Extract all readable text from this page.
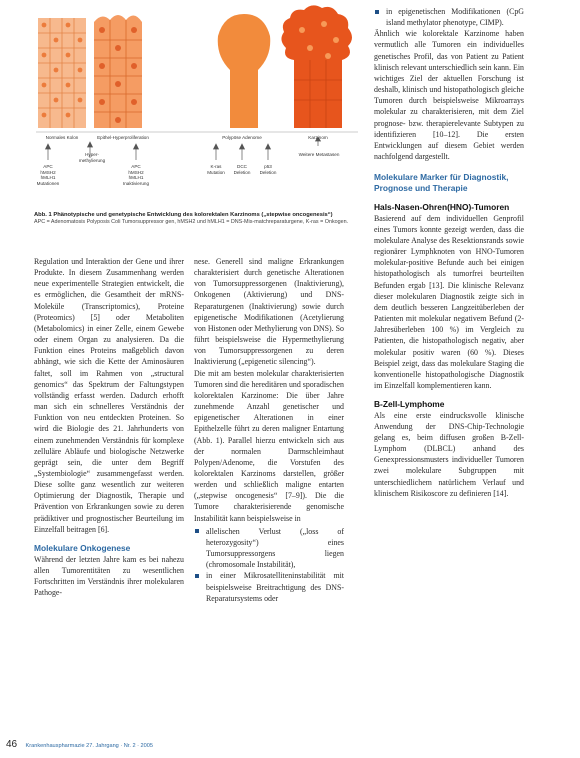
Normales Kolon	Epithel-Hyperproliferation	Polypöse Adenome	Karzinom
Weitere Metastasen
APC
hMSH2
hMLH1
Mutationen
Hyper-
methylierung
APC
hMSH2
hMLH1
Inaktivierung
K-ras
Mutation
DCC
Deletion
p53
Deletion

Abb. 1 Phänotypische und genetypische Entwicklung des kolorektalen Karzinoms („stepwise oncogenesis“)

APC = Adenomatosis Polyposis Coli Tumorsuppressor gen, hMSH2 und hMLH1 = DNS-Mis-matchreparaturgene, K-ras = Onkogen.

Regulation und Interaktion der Gene und ihrer Produkte. In diesem Zusammenhang werden neue experimentelle Strategien entwickelt, die es ermöglichen, die Gesamtheit der mRNS-Moleküle (Transcriptomics), Proteine (Proteomics) [5] oder Metaboliten (Metabolomics) in einer Zelle, einem Gewebe oder einem Organ zu analysieren. Da die Funktion eines Proteins maßgeblich davon abhängt, wie sich die Kette der Aminosäuren faltet, soll im Rahmen von „structural genomics“ das Spektrum der Faltungstypen vollständig erfasst werden. Dadurch erhofft man sich ein schnelleres Verständnis der Funktion von neu entdeckten Proteinen. So wird die Biologie des 21. Jahrhunderts von einem zunehmenden Verständnis für komplexe zelluläre Abläufe und biologische Netzwerke geprägt sein, die unter dem Begriff „Systembiologie“ zusammengefasst werden. Diese sollte ganz wesentlich zur weiteren Optimierung der Diagnostik, Therapie und Prävention von Erkrankungen sowie zu deren prädiktiver und prognostischer Beurteilung im Einzelfall beitragen [6].

Molekulare Onkogenese

Während der letzten Jahre kam es bei nahezu allen Tumorentitäten zu wesentlichen Fortschritten im Verständnis ihrer molekularen Pathoge-

nese. Generell sind maligne Erkrankungen charakterisiert durch genetische Alterationen von Tumorsuppressorgenen (Inaktivierung), Onkogenen (Aktivierung) und DNS-Reparaturgenen (Inaktivierung) sowie durch epigenetische Modifikationen (Acetylierung von Histonen oder Methylierung von DNS). So führt beispielsweise die Hypermethylierung von Tumorsuppressorgenen zu deren Inaktivierung („epigenetic silencing“).

Die mit am besten molekular charakterisierten Tumoren sind die hereditären und sporadischen kolorektalen Karzinome: Die über Jahre zunehmende Anzahl genetischer und epigenetischer Alterationen in einer Epithelzelle führt zu deren maligner Entartung (Abb. 1). Parallel hierzu entwickeln sich aus der normalen Darmschleimhaut Polypen/Adenome, die Vorstufen des kolorektalen Karzinoms darstellen, größer werden und schließlich maligne entarten („stepwise oncogenesis“ [7–9]). Die die Tumore charakterisierende genomische Instabilität kann beispielsweise in

allelischen Verlust („loss of heterozygosity“) eines Tumorsuppressorgens liegen (chromosomale Instabilität),
in einer Mikrosatelliteninstabilität mit beispielsweise Breitrachtigung des DNS-Reparatursystems oder
in epigenetischen Modifikationen (CpG island methylator phenotype, CIMP).

Ähnlich wie kolorektale Karzinome haben vermutlich alle Tumoren ein individuelles genetisches Profil, das von Patient zu Patient klinisch relevant unterschiedlich sein kann. Ein wichtiges Ziel der aktuellen Forschung ist deshalb, klinisch und histopathologisch gleiche Tumoren durch beispielsweise Mikroarrays molekular zu charakterisieren, mit dem Ziel prognose- bzw. therapierelevante Subtypen zu identifizieren [10–12]. Die ersten Entwicklungen auf diesem Gebiet werden nachfolgend dargestellt.

Molekulare Marker für Diagnostik, Prognose und Therapie

Hals-Nasen-Ohren(HNO)-Tumoren

Basierend auf dem individuellen Genprofil eines Tumors konnte gezeigt werden, dass die molekulare Analyse des Resektionsrands sowie regionärer Lymphknoten von HNO-Tumoren molekular-positive Befunde auch bei einigen histopathologisch als tumorfrei beurteilten Befunden ergab [13]. Die klinische Relevanz dieser molekularen Diagnostik zeigte sich in dem deutlich besseren Langzeitüberleben der Patienten mit molekular negativem Befund (2-Jahresüberleben 100 %) im Vergleich zu Patienten, die histopathologisch negativ, aber molekular positiv waren (60 %). Dieses Beispiel zeigt, dass das molekulare Staging die konventionelle histopathologische Diagnostik im Einzelfall komplementieren kann.

B-Zell-Lymphome

Als eine erste eindrucksvolle klinische Anwendung der DNS-Chip-Technologie gelang es, beim diffusen großen B-Zell-Lymphom (DLBCL) anhand des Genexpressionsmusters individueller Tumoren zwei molekulare Subgruppen mit unterschiedlichem natürlichem Verlauf und klinischem Risikoscore zu definieren [14].

46 Krankenhauspharmazie 27. Jahrgang · Nr. 2 · 2005
